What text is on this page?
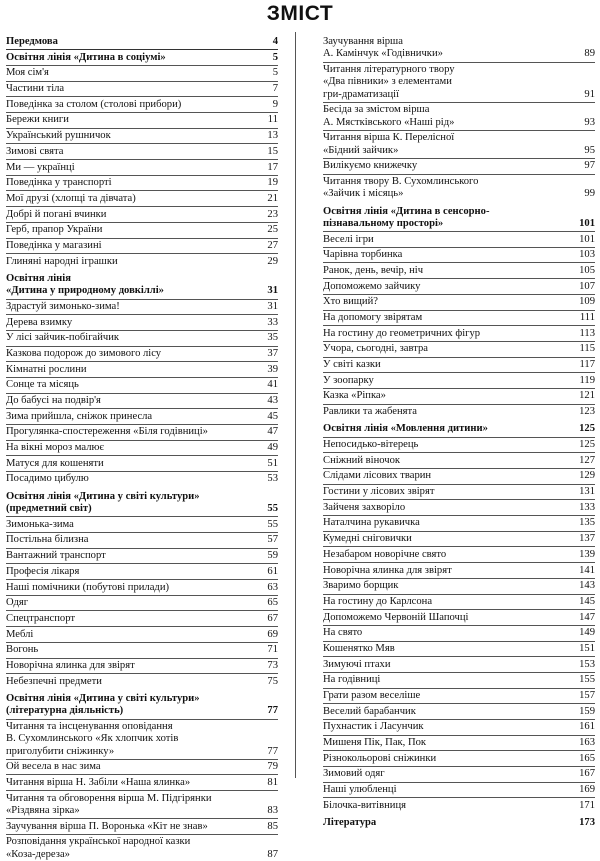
ЗМІСТ
Передмова	4
Освітня лінія «Дитина в соціумі»	5
Моя сім'я	5
Частини тіла	7
Поведінка за столом (столові прибори)	9
Бережи книги	11
Український рушничок	13
Зимові свята	15
Ми — українці	17
Поведінка у транспорті	19
Мої друзі (хлопці та дівчата)	21
Добрі й погані вчинки	23
Герб, прапор України	25
Поведінка у магазині	27
Глиняні народні іграшки	29
Освітня лінія
«Дитина у природному довкіллі»	31
Здрастуй зимонько-зима!	31
Дерева взимку	33
У лісі зайчик-побігайчик	35
Казкова подорож до зимового лісу	37
Кімнатні рослини	39
Сонце та місяць	41
До бабусі на подвір'я	43
Зима прийшла, сніжок принесла	45
Прогулянка-спостереження «Біля годівниці»	47
На вікні мороз малює	49
Матуся для кошеняти	51
Посадимо цибулю	53
Освітня лінія «Дитина у світі культури»
(предметний світ)	55
Зимонька-зима	55
Постільна білизна	57
Вантажний транспорт	59
Професія лікаря	61
Наші помічники (побутові прилади)	63
Одяг	65
Спецтранспорт	67
Меблі	69
Вогонь	71
Новорічна ялинка для звірят	73
Небезпечні предмети	75
Освітня лінія «Дитина у світі культури»
(літературна діяльність)	77
Читання та інсценування оповідання
В. Сухомлинського «Як хлопчик хотів
приголубити сніжинку»	77
Ой весела в нас зима	79
Читання вірша Н. Забіли «Наша ялинка»	81
Читання та обговорення вірша М. Підгірянки
«Різдвяна зірка»	83
Заучування вірша П. Воронька «Кіт не знав»	85
Розповідання української народної казки
«Коза-дереза»	87
Заучування вірша
А. Камінчук «Годівнички»	89
Читання літературного твору
«Два півники» з елементами
гри-драматизації	91
Бесіда за змістом вірша
А. Мястківського «Наші рід»	93
Читання вірша К. Перелісної
«Бідний зайчик»	95
Вилікуємо книжечку	97
Читання твору В. Сухомлинського
«Зайчик і місяць»	99
Освітня лінія «Дитина в сенсорно-
пізнавальному просторі»	101
Веселі ігри	101
Чарівна торбинка	103
Ранок, день, вечір, ніч	105
Допоможемо зайчику	107
Хто вищий?	109
На допомогу звірятам	111
На гостину до геометричних фігур	113
Учора, сьогодні, завтра	115
У світі казки	117
У зоопарку	119
Казка «Ріпка»	121
Равлики та жабенята	123
Освітня лінія «Мовлення дитини»	125
Непосидько-вітерець	125
Сніжний віночок	127
Слідами лісових тварин	129
Гостини у лісових звірят	131
Зайченя захворіло	133
Наталчина рукавичка	135
Кумедні сніговички	137
Незабаром новорічне свято	139
Новорічна ялинка для звірят	141
Зваримо борщик	143
На гостину до Карлсона	145
Допоможемо Червоній Шапочці	147
На свято	149
Кошенятко Мяв	151
Зимуючі птахи	153
На годівниці	155
Грати разом веселіше	157
Веселий барабанчик	159
Пухнастик і Ласунчик	161
Мишеня Пік, Пак, Пок	163
Різнокольорові сніжинки	165
Зимовий одяг	167
Наші улюбленці	169
Білочка-витівниця	171
Література	173
